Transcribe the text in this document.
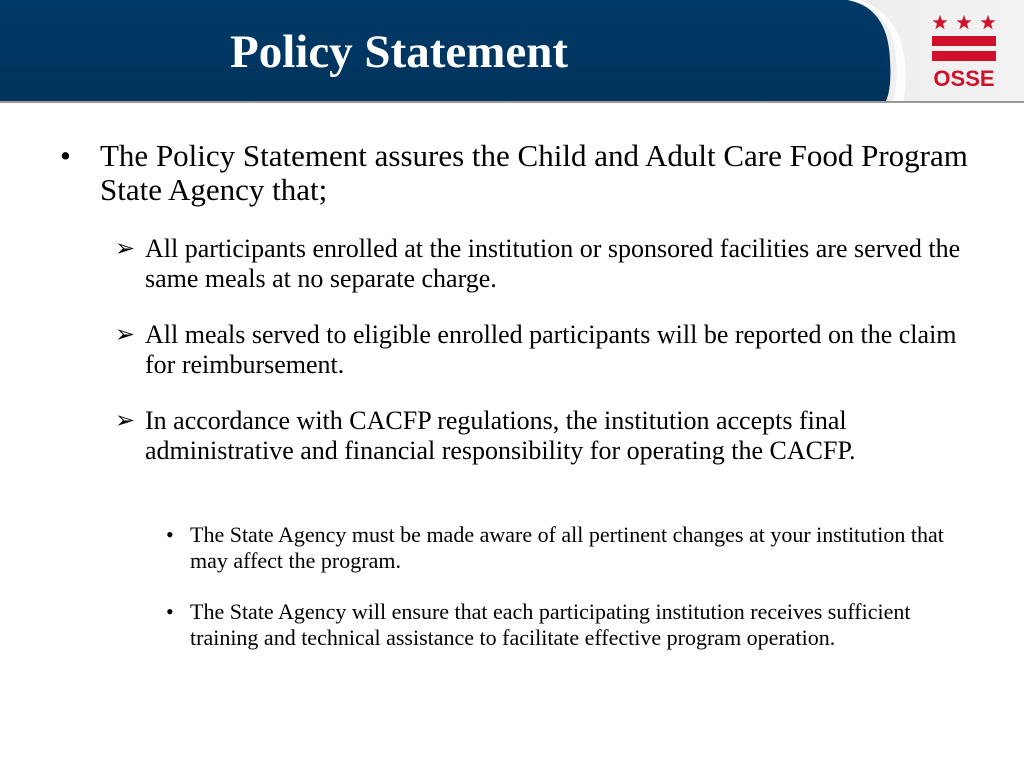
Policy Statement
OSSE
• The Policy Statement assures the Child and Adult Care Food Program State Agency that;
➢ All participants enrolled at the institution or sponsored facilities are served the same meals at no separate charge.
➢ All meals served to eligible enrolled participants will be reported on the claim for reimbursement.
➢ In accordance with CACFP regulations, the institution accepts final administrative and financial responsibility for operating the CACFP.
• The State Agency must be made aware of all pertinent changes at your institution that may affect the program.
• The State Agency will ensure that each participating institution receives sufficient training and technical assistance to facilitate effective program operation.
